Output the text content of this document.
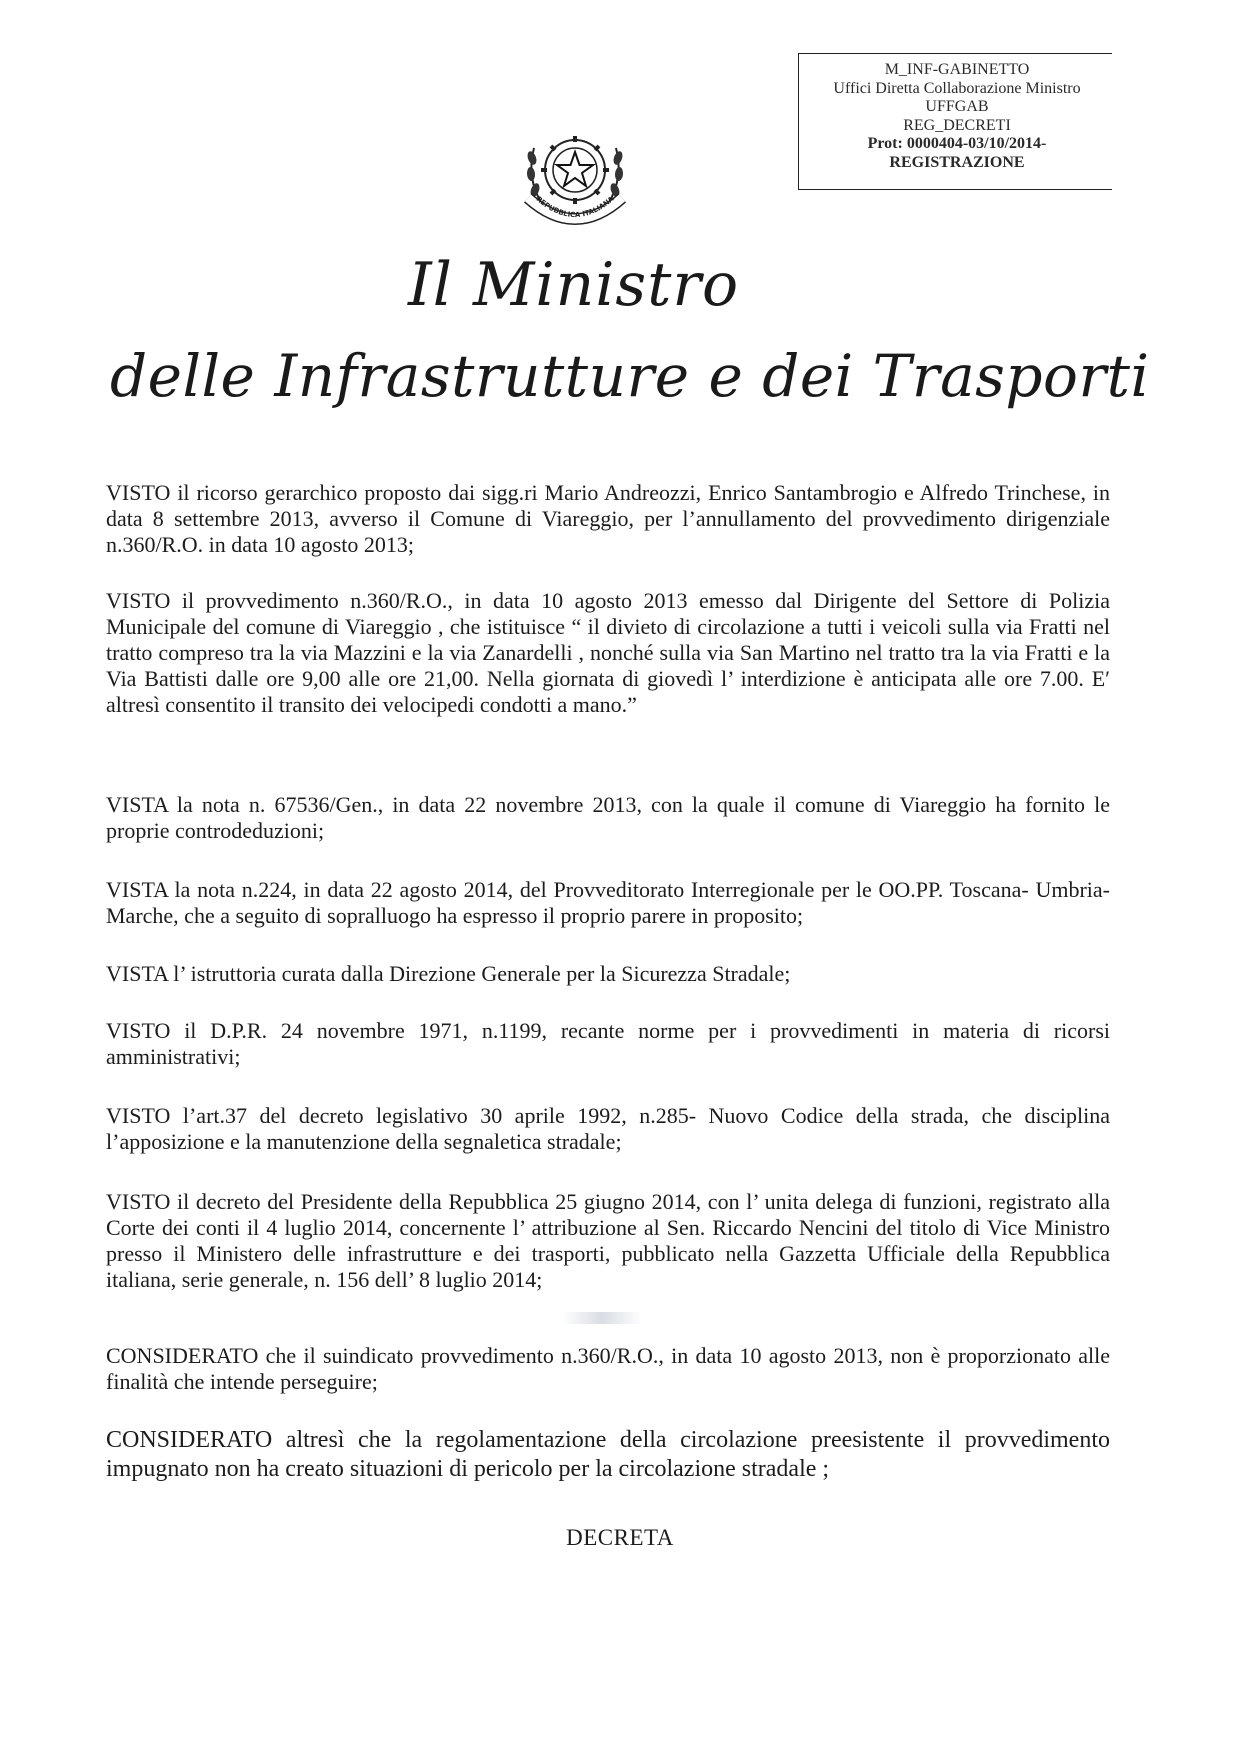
M_INF-GABINETTO
Uffici Diretta Collaborazione Ministro
UFFGAB
REG_DECRETI
Prot: 0000404-03/10/2014-
REGISTRAZIONE
REPUBBLICA ITALIANA
Il Ministro
delle Infrastrutture e dei Trasporti

VISTO il ricorso gerarchico proposto dai sigg.ri Mario Andreozzi, Enrico Santambrogio e Alfredo Trinchese, in data 8 settembre 2013, avverso il Comune di Viareggio, per l’annullamento del provvedimento dirigenziale n.360/R.O. in data 10 agosto 2013;

VISTO il provvedimento n.360/R.O., in data 10 agosto 2013 emesso dal Dirigente del Settore di Polizia Municipale del comune di Viareggio , che istituisce “ il divieto di circolazione a tutti i veicoli sulla via Fratti nel tratto compreso tra la via Mazzini e la via Zanardelli , nonché sulla via San Martino nel tratto tra la via Fratti e la Via Battisti dalle ore 9,00 alle ore 21,00. Nella giornata di giovedì l’ interdizione è anticipata alle ore 7.00. E′ altresì consentito il transito dei velocipedi condotti a mano.”

VISTA la nota n. 67536/Gen., in data 22 novembre 2013, con la quale il comune di Viareggio ha fornito le proprie controdeduzioni;

VISTA la nota n.224, in data 22 agosto 2014, del Provveditorato Interregionale per le OO.PP. Toscana- Umbria- Marche, che a seguito di sopralluogo ha espresso il proprio parere in proposito;

VISTA l’ istruttoria curata dalla Direzione Generale per la Sicurezza Stradale;

VISTO il D.P.R. 24 novembre 1971, n.1199, recante norme per i provvedimenti in materia di ricorsi amministrativi;

VISTO l’art.37 del decreto legislativo 30 aprile 1992, n.285- Nuovo Codice della strada, che disciplina l’apposizione e la manutenzione della segnaletica stradale;

VISTO il decreto del Presidente della Repubblica 25 giugno 2014, con l’ unita delega di funzioni, registrato alla Corte dei conti il 4 luglio 2014, concernente l’ attribuzione al Sen. Riccardo Nencini del titolo di Vice Ministro presso il Ministero delle infrastrutture e dei trasporti, pubblicato nella Gazzetta Ufficiale della Repubblica italiana, serie generale, n. 156 dell’ 8 luglio 2014;

CONSIDERATO che il suindicato provvedimento n.360/R.O., in data 10 agosto 2013, non è proporzionato alle finalità che intende perseguire;

CONSIDERATO altresì che la regolamentazione della circolazione preesistente il provvedimento impugnato non ha creato situazioni di pericolo per la circolazione stradale ;

DECRETA
